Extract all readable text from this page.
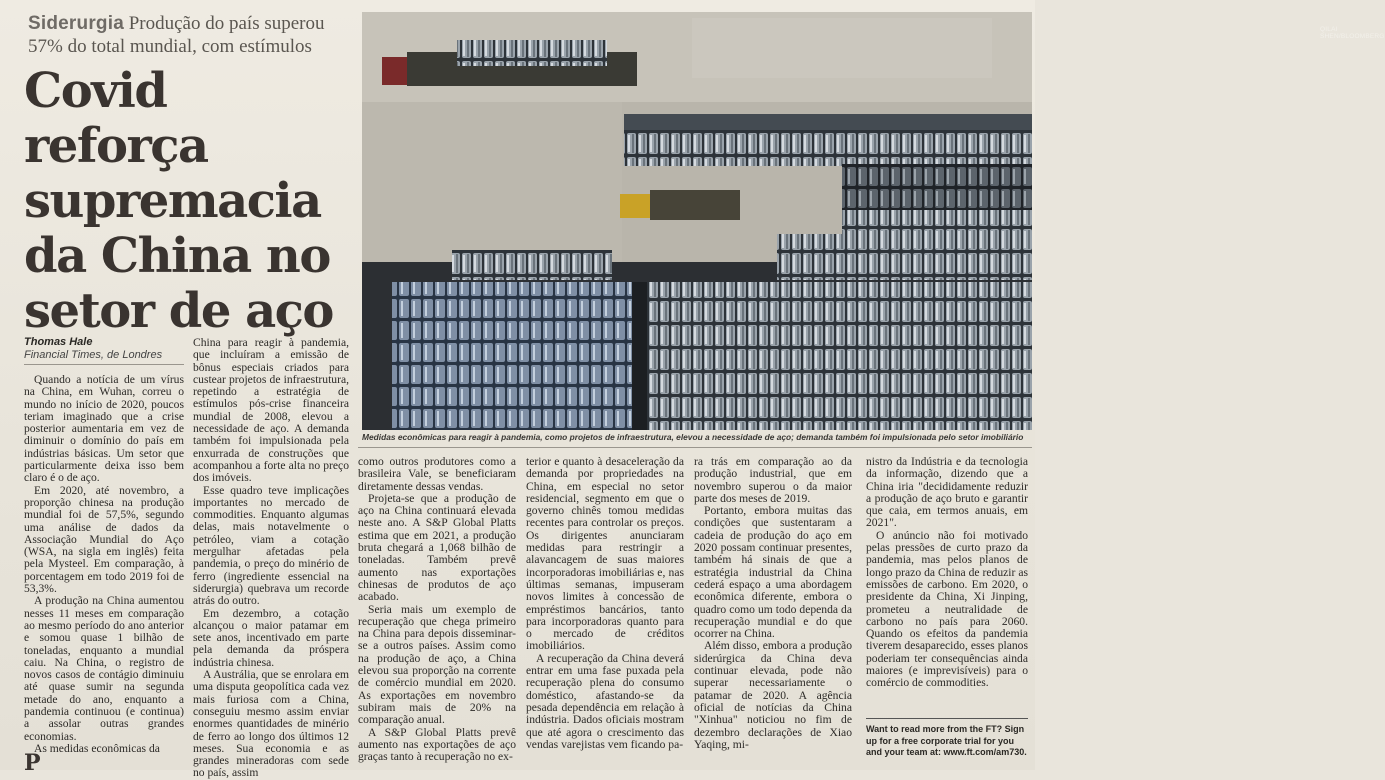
Siderurgia Produção do país superou 57% do total mundial, com estímulos
Covid reforça supremacia da China no setor de aço
Thomas Hale
Financial Times, de Londres

Quando a notícia de um vírus na China, em Wuhan, correu o mundo no início de 2020, poucos teriam imaginado que a crise posterior aumentaria em vez de diminuir o domínio do país em indústrias básicas. Um setor que particularmente deixa isso bem claro é o de aço.

Em 2020, até novembro, a proporção chinesa na produção mundial foi de 57,5%, segundo uma análise de dados da Associação Mundial do Aço (WSA, na sigla em inglês) feita pela Mysteel. Em comparação, à porcentagem em todo 2019 foi de 53,3%.

A produção na China aumentou nesses 11 meses em comparação ao mesmo período do ano anterior e somou quase 1 bilhão de toneladas, enquanto a mundial caiu. Na China, o registro de novos casos de contágio diminuiu até quase sumir na segunda metade do ano, enquanto a pandemia continuou (e continua) a assolar outras grandes economias.

As medidas econômicas da

China para reagir à pandemia, que incluíram a emissão de bônus especiais criados para custear projetos de infraestrutura, repetindo a estratégia de estímulos pós-crise financeira mundial de 2008, elevou a necessidade de aço. A demanda também foi impulsionada pela enxurrada de construções que acompanhou a forte alta no preço dos imóveis.

Esse quadro teve implicações importantes no mercado de commodities. Enquanto algumas delas, mais notavelmente o petróleo, viam a cotação mergulhar afetadas pela pandemia, o preço do minério de ferro (ingrediente essencial na siderurgia) quebrava um recorde atrás do outro.

Em dezembro, a cotação alcançou o maior patamar em sete anos, incentivado em parte pela demanda da próspera indústria chinesa.

A Austrália, que se enrolara em uma disputa geopolítica cada vez mais furiosa com a China, conseguiu mesmo assim enviar enormes quantidades de minério de ferro ao longo dos últimos 12 meses. Sua economia e as grandes mineradoras com sede no país, assim

como outros produtores como a brasileira Vale, se beneficiaram diretamente dessas vendas.

Projeta-se que a produção de aço na China continuará elevada neste ano. A S&P Global Platts estima que em 2021, a produção bruta chegará a 1,068 bilhão de toneladas. Também prevê aumento nas exportações chinesas de produtos de aço acabado.

Seria mais um exemplo de recuperação que chega primeiro na China para depois disseminar-se a outros países. Assim como na produção de aço, a China elevou sua proporção na corrente de comércio mundial em 2020. As exportações em novembro subiram mais de 20% na comparação anual.

A S&P Global Platts prevê aumento nas exportações de aço graças tanto à recuperação no ex-

terior e quanto à desaceleração da demanda por propriedades na China, em especial no setor residencial, segmento em que o governo chinês tomou medidas recentes para controlar os preços. Os dirigentes anunciaram medidas para restringir a alavancagem de suas maiores incorporadoras imobiliárias e, nas últimas semanas, impuseram novos limites à concessão de empréstimos bancários, tanto para incorporadoras quanto para o mercado de créditos imobiliários.

A recuperação da China deverá entrar em uma fase puxada pela recuperação plena do consumo doméstico, afastando-se da pesada dependência em relação à indústria. Dados oficiais mostram que até agora o crescimento das vendas varejistas vem ficando pa-

ra trás em comparação ao da produção industrial, que em novembro superou o da maior parte dos meses de 2019.

Portanto, embora muitas das condições que sustentaram a cadeia de produção do aço em 2020 possam continuar presentes, também há sinais de que a estratégia industrial da China cederá espaço a uma abordagem econômica diferente, embora o quadro como um todo dependa da recuperação mundial e do que ocorrer na China.

Além disso, embora a produção siderúrgica da China deva continuar elevada, pode não superar necessariamente o patamar de 2020. A agência oficial de notícias da China "Xinhua" noticiou no fim de dezembro declarações de Xiao Yaqing, mi-

nistro da Indústria e da tecnologia da informação, dizendo que a China iria "decididamente reduzir a produção de aço bruto e garantir que caia, em termos anuais, em 2021".

O anúncio não foi motivado pelas pressões de curto prazo da pandemia, mas pelos planos de longo prazo da China de reduzir as emissões de carbono. Em 2020, o presidente da China, Xi Jinping, prometeu a neutralidade de carbono no país para 2060. Quando os efeitos da pandemia tiverem desaparecido, esses planos poderiam ter consequências ainda maiores (e imprevisíveis) para o comércio de commodities.

QILAI SHEN/BLOOMBERG
Medidas econômicas para reagir à pandemia, como projetos de infraestrutura, elevou a necessidade de aço; demanda também foi impulsionada pelo setor imobiliário
Want to read more from the FT? Sign up for a free corporate trial for you and your team at: www.ft.com/am730.
P
